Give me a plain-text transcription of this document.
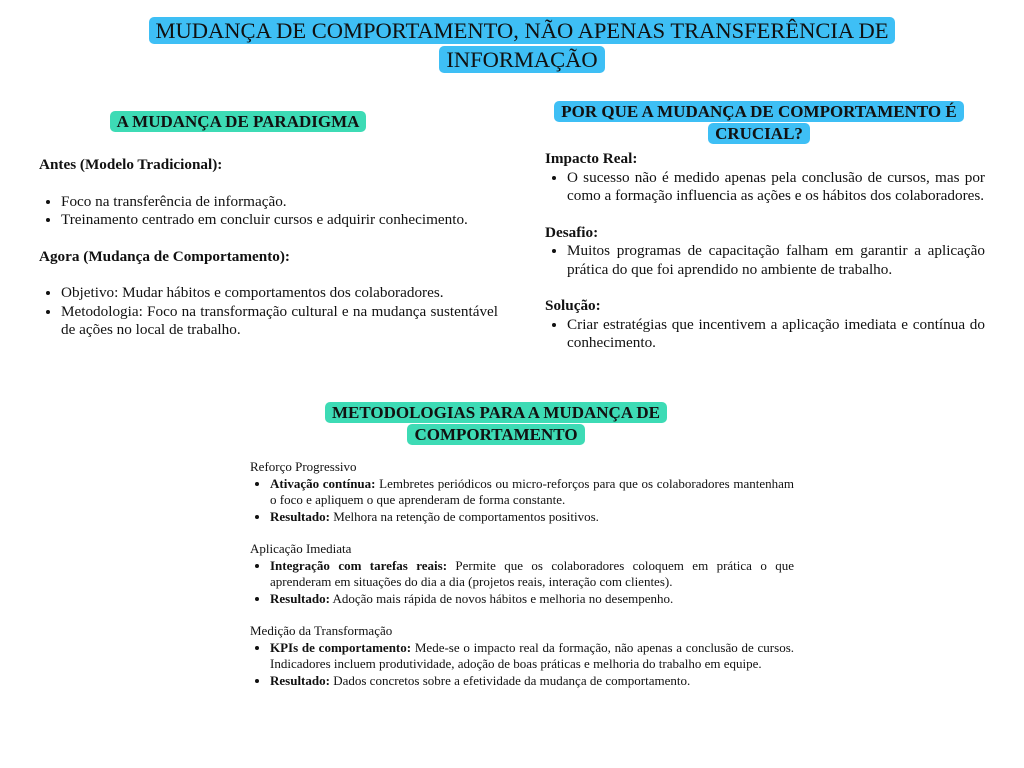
MUDANÇA DE COMPORTAMENTO, NÃO APENAS TRANSFERÊNCIA DE INFORMAÇÃO
A MUDANÇA DE PARADIGMA

Antes (Modelo Tradicional):

• Foco na transferência de informação.
• Treinamento centrado em concluir cursos e adquirir conhecimento.

Agora (Mudança de Comportamento):

• Objetivo: Mudar hábitos e comportamentos dos colaboradores.
• Metodologia: Foco na transformação cultural e na mudança sustentável de ações no local de trabalho.
POR QUE A MUDANÇA DE COMPORTAMENTO É CRUCIAL?

Impacto Real:

• O sucesso não é medido apenas pela conclusão de cursos, mas por como a formação influencia as ações e os hábitos dos colaboradores.

Desafio:

• Muitos programas de capacitação falham em garantir a aplicação prática do que foi aprendido no ambiente de trabalho.

Solução:

• Criar estratégias que incentivem a aplicação imediata e contínua do conhecimento.
METODOLOGIAS PARA A MUDANÇA DE COMPORTAMENTO

Reforço Progressivo

• Ativação contínua: Lembretes periódicos ou micro-reforços para que os colaboradores mantenham o foco e apliquem o que aprenderam de forma constante.
• Resultado: Melhora na retenção de comportamentos positivos.

Aplicação Imediata

• Integração com tarefas reais: Permite que os colaboradores coloquem em prática o que aprenderam em situações do dia a dia (projetos reais, interação com clientes).
• Resultado: Adoção mais rápida de novos hábitos e melhoria no desempenho.

Medição da Transformação

• KPIs de comportamento: Mede-se o impacto real da formação, não apenas a conclusão de cursos. Indicadores incluem produtividade, adoção de boas práticas e melhoria do trabalho em equipe.
• Resultado: Dados concretos sobre a efetividade da mudança de comportamento.
